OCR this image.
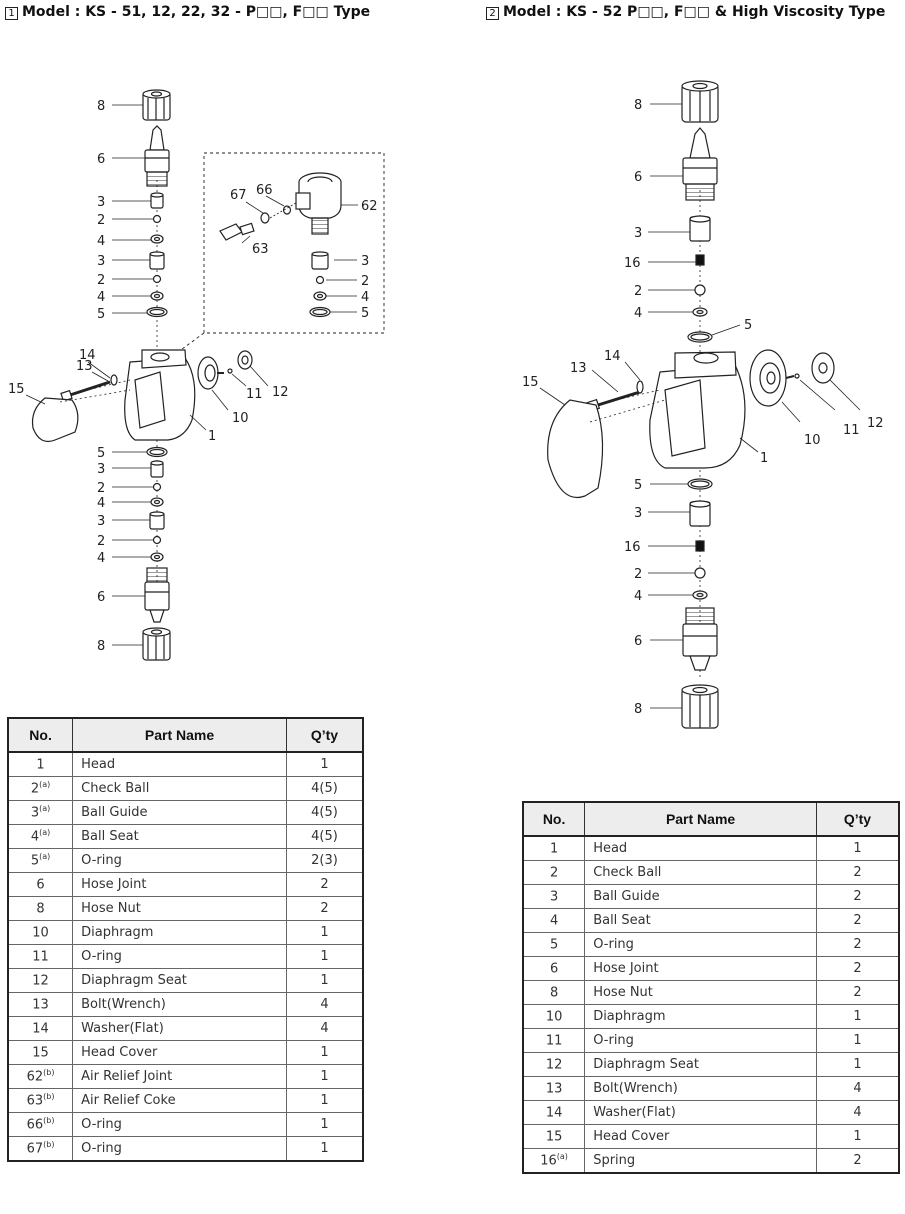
1 Model : KS - 51, 12, 22, 32 - P□□, F□□ Type	2 Model : KS - 52 P□□, F□□ & High Viscosity Type
8
6
3
2
4
3
2
4
5
67 66
62
63
3
2
4
5
13
14
15	11 12
10
1
5
3
2
4
3
2
4
6
8
8
6
3
16
2
4
5
14
13
15
11 12
10
1
5
3
16
2
4
6
8
No.	Part Name	Q’ty
1	Head	1
2$^{(a)}$	Check Ball	4(5)
3$^{(a)}$	Ball Guide	4(5)
4$^{(a)}$	Ball Seat	4(5)
5$^{(a)}$	O-ring	2(3)
6	Hose Joint	2
8	Hose Nut	2
10	Diaphragm	1
11	O-ring	1
12	Diaphragm Seat	1
13	Bolt(Wrench)	4
14	Washer(Flat)	4
15	Head Cover	1
62$^{(b)}$	Air Relief Joint	1
63$^{(b)}$	Air Relief Coke	1
66$^{(b)}$	O-ring	1
67$^{(b)}$	O-ring	1
No.	Part Name	Q’ty
1	Head	1
2	Check Ball	2
3	Ball Guide	2
4	Ball Seat	2
5	O-ring	2
6	Hose Joint	2
8	Hose Nut	2
10	Diaphragm	1
11	O-ring	1
12	Diaphragm Seat	1
13	Bolt(Wrench)	4
14	Washer(Flat)	4
15	Head Cover	1
16$^{(a)}$	Spring	2
